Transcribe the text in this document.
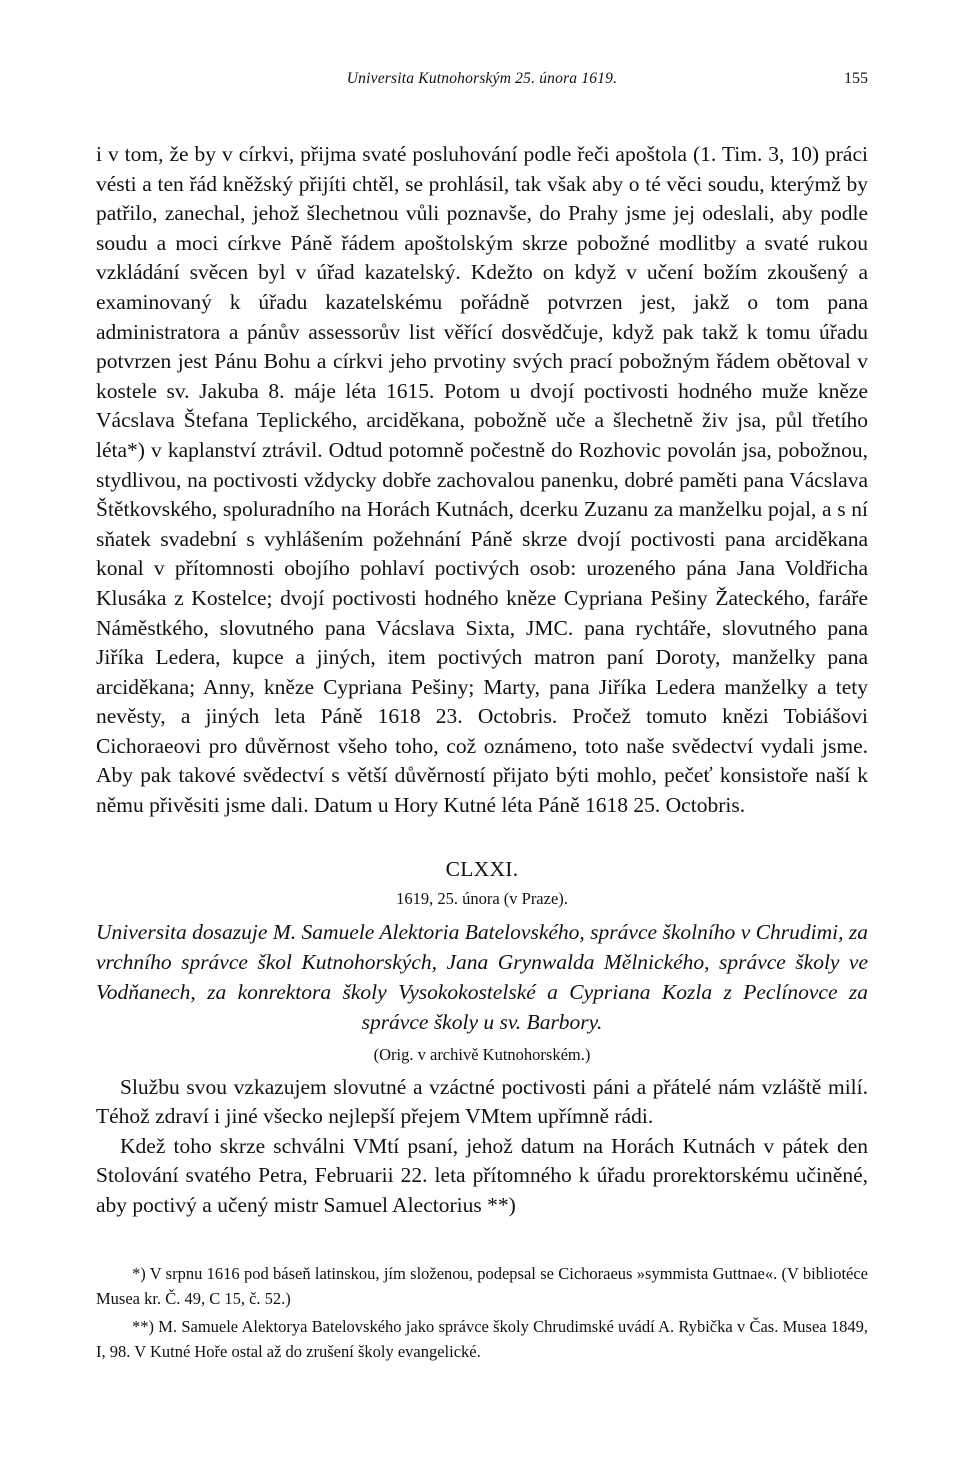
Universita Kutnohorským 25. února 1619.	155

i v tom, že by v církvi, přijma svaté posluhování podle řeči apoštola (1. Tim. 3, 10) práci vésti a ten řád kněžský přijíti chtěl, se prohlásil, tak však aby o té věci soudu, kterýmž by patřilo, zanechal, jehož šlechetnou vůli poznavše, do Prahy jsme jej odeslali, aby podle soudu a moci církve Páně řádem apoštolským skrze pobožné modlitby a svaté rukou vzkládání svěcen byl v úřad kazatelský. Kdežto on když v učení božím zkoušený a examinovaný k úřadu kazatelskému pořádně potvrzen jest, jakž o tom pana administratora a pánův assessorův list věřící dosvědčuje, když pak takž k tomu úřadu potvrzen jest Pánu Bohu a církvi jeho prvotiny svých prací pobožným řádem obětoval v kostele sv. Jakuba 8. máje léta 1615. Potom u dvojí poctivosti hodného muže kněze Vácslava Štefana Teplického, arciděkana, pobožně uče a šlechetně živ jsa, půl třetího léta*) v kaplanství ztrávil. Odtud potomně počestně do Rozhovic povolán jsa, pobožnou, stydlivou, na poctivosti vždycky dobře zachovalou panenku, dobré paměti pana Vácslava Štětkovského, spoluradního na Horách Kutnách, dcerku Zuzanu za manželku pojal, a s ní sňatek svadební s vyhlášením požehnání Páně skrze dvojí poctivosti pana arciděkana konal v přítomnosti obojího pohlaví poctivých osob: urozeného pána Jana Voldřicha Klusáka z Kostelce; dvojí poctivosti hodného kněze Cypriana Pešiny Žateckého, faráře Náměstkého, slovutného pana Vácslava Sixta, JMC. pana rychtáře, slovutného pana Jiříka Ledera, kupce a jiných, item poctivých matron paní Doroty, manželky pana arciděkana; Anny, kněze Cypriana Pešiny; Marty, pana Jiříka Ledera manželky a tety nevěsty, a jiných leta Páně 1618 23. Octobris. Pročež tomuto knězi Tobiášovi Cichoraeovi pro důvěrnost všeho toho, což oznámeno, toto naše svědectví vydali jsme. Aby pak takové svědectví s větší důvěrností přijato býti mohlo, pečeť konsistoře naší k němu přivěsiti jsme dali. Datum u Hory Kutné léta Páně 1618 25. Octobris.

CLXXI.
1619, 25. února (v Praze).

Universita dosazuje M. Samuele Alektoria Batelovského, správce školního v Chrudimi, za vrchního správce škol Kutnohorských, Jana Grynwalda Mělnického, správce školy ve Vodňanech, za konrektora školy Vysokokostelské a Cypriana Kozla z Peclínovce za správce školy u sv. Barbory.

(Orig. v archivě Kutnohorském.)

Službu svou vzkazujem slovutné a vzáctné poctivosti páni a přátelé nám vzláště milí. Téhož zdraví i jiné všecko nejlepší přejem VMtem upřímně rádi.

Kdež toho skrze schválni VMtí psaní, jehož datum na Horách Kutnách v pátek den Stolování svatého Petra, Februarii 22. leta přítomného k úřadu prorektorskému učiněné, aby poctivý a učený mistr Samuel Alectorius **)

*) V srpnu 1616 pod báseň latinskou, jím složenou, podepsal se Cichoraeus »symmista Guttnae«. (V bibliotéce Musea kr. Č. 49, C 15, č. 52.)

**) M. Samuele Alektorya Batelovského jako správce školy Chrudimské uvádí A. Rybička v Čas. Musea 1849, I, 98. V Kutné Hoře ostal až do zrušení školy evangelické.
